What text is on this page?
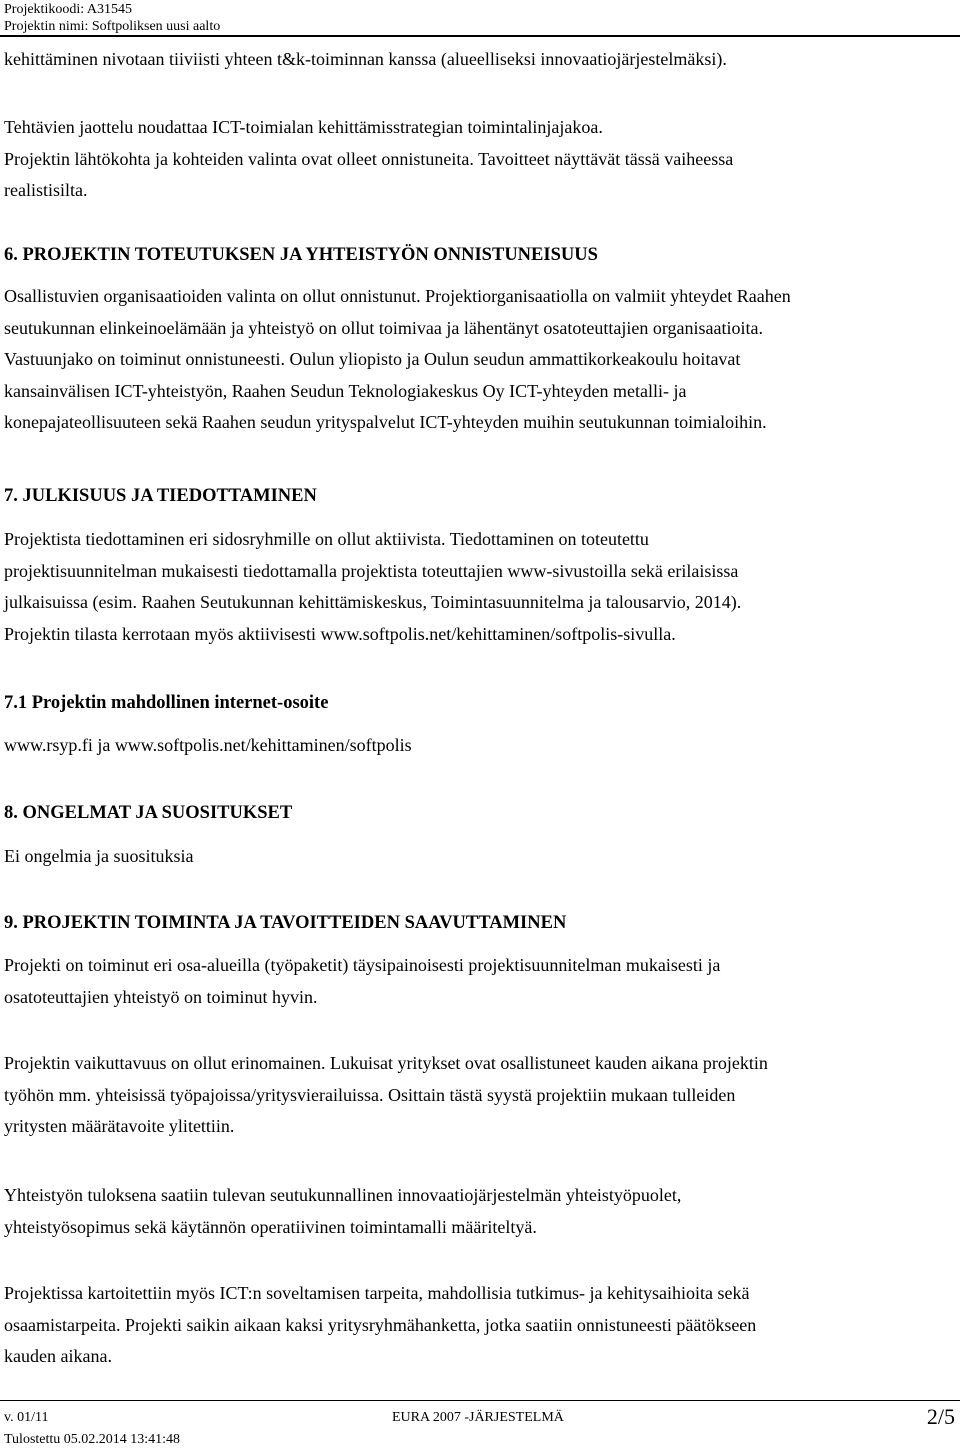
Projektikoodi: A31545
Projektin nimi: Softpoliksen uusi aalto
kehittäminen nivotaan tiiviisti yhteen t&k-toiminnan kanssa (alueelliseksi innovaatiojärjestelmäksi).
Tehtävien jaottelu noudattaa ICT-toimialan kehittämisstrategian toimintalinjajakoa.
Projektin lähtökohta ja kohteiden valinta ovat olleet onnistuneita. Tavoitteet näyttävät tässä vaiheessa
realistisilta.
6. PROJEKTIN TOTEUTUKSEN JA YHTEISTYÖN ONNISTUNEISUUS
Osallistuvien organisaatioiden valinta on ollut onnistunut. Projektiorganisaatiolla on valmiit yhteydet Raahen
seutukunnan elinkeinoelämään ja yhteistyö on ollut toimivaa ja lähentänyt osatoteuttajien organisaatioita.
Vastuunjako on toiminut onnistuneesti. Oulun yliopisto ja Oulun seudun ammattikorkeakoulu hoitavat
kansainvälisen ICT-yhteistyön, Raahen Seudun Teknologiakeskus Oy ICT-yhteyden metalli- ja
konepajateollisuuteen sekä Raahen seudun yrityspalvelut ICT-yhteyden muihin seutukunnan toimialoihin.
7. JULKISUUS JA TIEDOTTAMINEN
Projektista tiedottaminen eri sidosryhmille on ollut aktiivista. Tiedottaminen on toteutettu
projektisuunnitelman mukaisesti tiedottamalla projektista toteuttajien www-sivustoilla sekä erilaisissa
julkaisuissa (esim. Raahen Seutukunnan kehittämiskeskus, Toimintasuunnitelma ja talousarvio, 2014).
Projektin tilasta kerrotaan myös aktiivisesti www.softpolis.net/kehittaminen/softpolis-sivulla.
7.1 Projektin mahdollinen internet-osoite
www.rsyp.fi ja www.softpolis.net/kehittaminen/softpolis
8. ONGELMAT JA SUOSITUKSET
Ei ongelmia ja suosituksia
9. PROJEKTIN TOIMINTA JA TAVOITTEIDEN SAAVUTTAMINEN
Projekti on toiminut eri osa-alueilla (työpaketit) täysipainoisesti projektisuunnitelman mukaisesti ja
osatoteuttajien yhteistyö on toiminut hyvin.
Projektin vaikuttavuus on ollut erinomainen. Lukuisat yritykset ovat osallistuneet kauden aikana projektin
työhön mm. yhteisissä työpajoissa/yritysvierailuissa. Osittain tästä syystä projektiin mukaan tulleiden
yritysten määrätavoite ylitettiin.
Yhteistyön tuloksena saatiin tulevan seutukunnallinen innovaatiojärjestelmän yhteistyöpuolet,
yhteistyösopimus sekä käytännön operatiivinen toimintamalli määriteltyä.
Projektissa kartoitettiin myös ICT:n soveltamisen tarpeita, mahdollisia tutkimus- ja kehitysaihioita sekä
osaamistarpeita. Projekti saikin aikaan kaksi yritysryhmähanketta, jotka saatiin onnistuneesti päätökseen
kauden aikana.
v. 01/11	EURA 2007 -JÄRJESTELMÄ	2/5
Tulostettu 05.02.2014 13:41:48
